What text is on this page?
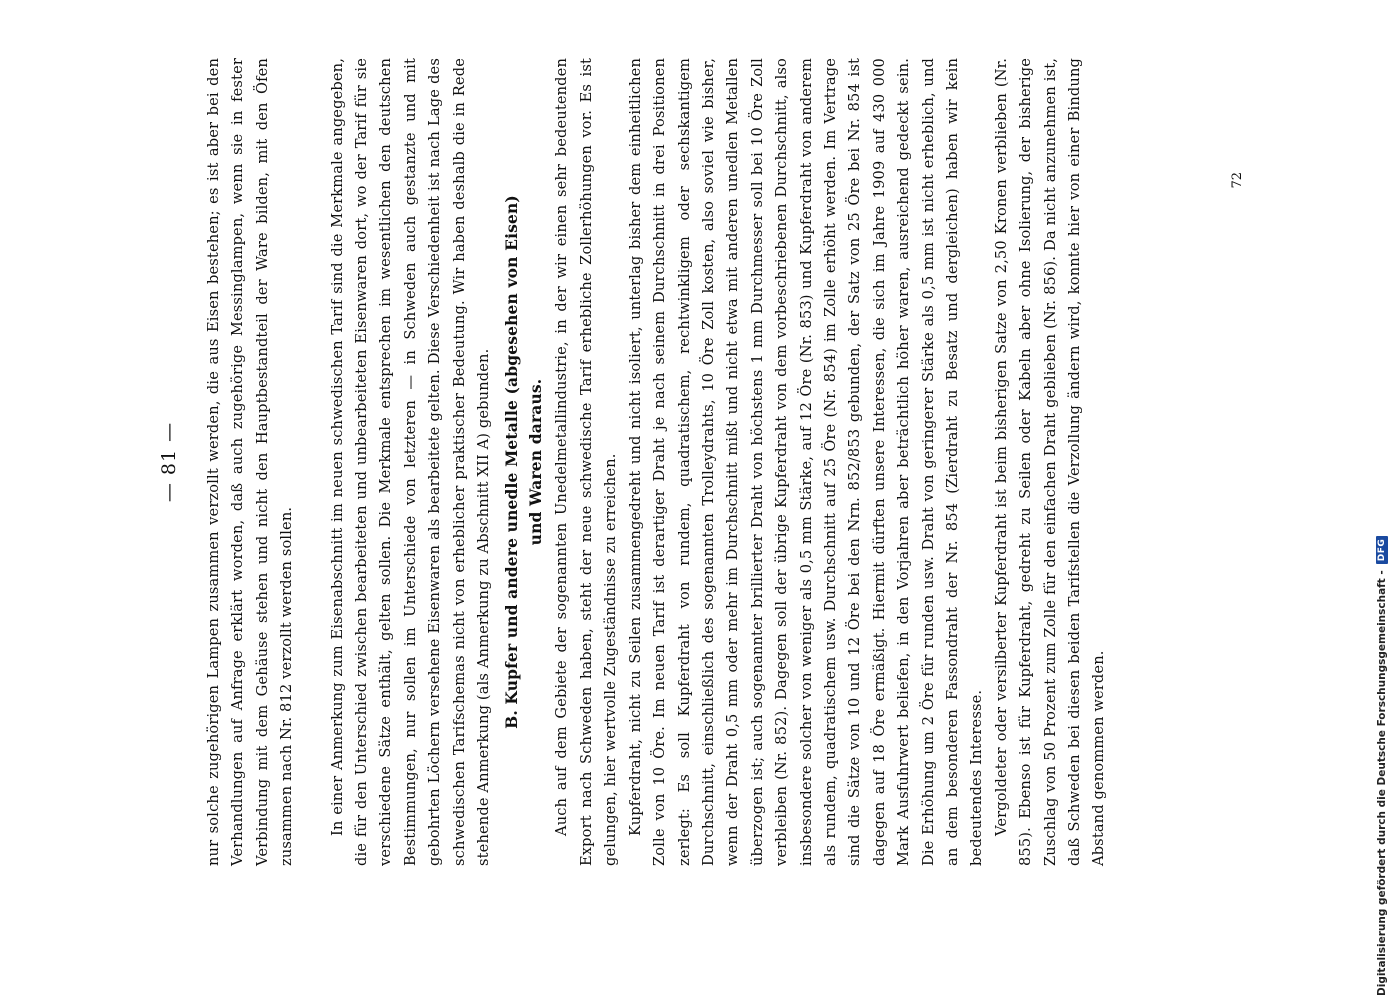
— 81 — nur solche zugehörigen Lampen zusammen verzollt werden, die aus Eisen bestehen; es ist aber bei den Verhandlungen auf Anfrage erklärt worden, daß auch zugehörige Messinglampen, wenn sie in fester Verbindung mit dem Gehäuse stehen und nicht den Hauptbestandteil der Ware bilden, mit den Öfen zusammen nach Nr. 812 verzollt werden sollen.	In einer Anmerkung zum Eisenabschnitt im neuen schwedischen Tarif sind die Merkmale angegeben, die für den Unterschied zwischen bearbeiteten und unbearbeiteten Eisenwaren dort, wo der Tarif für sie verschiedene Sätze enthält, gelten sollen. Die Merkmale entsprechen im wesentlichen den deutschen Bestimmungen, nur sollen im Unterschiede von letzteren — in Schweden auch gestanzte und mit gebohrten Löchern versehene Eisenwaren als bearbeitete gelten. Diese Verschiedenheit ist nach Lage des schwedischen Tarifschemas nicht von erheblicher praktischer Bedeutung. Wir haben deshalb die in Rede stehende Anmerkung (als Anmerkung zu Abschnitt XII A) gebunden. B. Kupfer und andere unedle Metalle (abgesehen von Eisen) und Waren daraus. Auch auf dem Gebiete der sogenannten Unedelmetallindustrie, in der wir einen sehr bedeutenden Export nach Schweden haben, steht der neue schwedische Tarif erhebliche Zollerhöhungen vor. Es ist gelungen, hier wertvolle Zugeständnisse zu erreichen. Kupferdraht, nicht zu Seilen zusammengedreht und nicht isoliert, unterlag bisher dem einheitlichen Zolle von 10 Öre. Im neuen Tarif ist derartiger Draht je nach seinem Durchschnitt in drei Positionen zerlegt: Es soll Kupferdraht von rundem, quadratischem, rechtwinkligem oder sechskantigem Durchschnitt, einschließlich des sogenannten Trolleydrahts, 10 Öre Zoll kosten, also soviel wie bisher, wenn der Draht 0,5 mm oder mehr im Durchschnitt mißt und nicht etwa mit anderen unedlen Metallen überzogen ist; auch sogenannter brillierter Draht von höchstens 1 mm Durchmesser soll bei 10 Öre Zoll verbleiben (Nr. 852). Dagegen soll der übrige Kupferdraht von dem vorbeschriebenen Durchschnitt, also insbesondere solcher von weniger als 0,5 mm Stärke, auf 12 Öre (Nr. 853) und Kupferdraht von anderem als rundem, quadratischem usw. Durchschnitt auf 25 Öre (Nr. 854) im Zolle erhöht werden. Im Vertrage sind die Sätze von 10 und 12 Öre bei den Nrn. 852/853 gebunden, der Satz von 25 Öre bei Nr. 854 ist dagegen auf 18 Öre ermäßigt. Hiermit dürften unsere Interessen, die sich im Jahre 1909 auf 430 000 Mark Ausfuhrwert beliefen, in den Vorjahren aber beträchtlich höher waren, ausreichend gedeckt sein. Die Erhöhung um 2 Öre für runden usw. Draht von geringerer Stärke als 0,5 mm ist nicht erheblich, und an dem besonderen Fassondraht der Nr. 854 (Zierdraht zu Besatz und dergleichen) haben wir kein bedeutendes Interesse. Vergoldeter oder versilberter Kupferdraht ist beim bisherigen Satze von 2,50 Kronen verblieben (Nr. 855). Ebenso ist für Kupferdraht, gedreht zu Seilen oder Kabeln aber ohne Isolierung, der bisherige Zuschlag von 50 Prozent zum Zolle für den einfachen Draht geblieben (Nr. 856). Da nicht anzunehmen ist, daß Schweden bei diesen beiden Tarifstellen die Verzollung ändern wird, konnte hier von einer Bindung Abstand genommen werden.

72
Digitalisierung gefördert durch die Deutsche Forschungsgemeinschaft -
DFG
